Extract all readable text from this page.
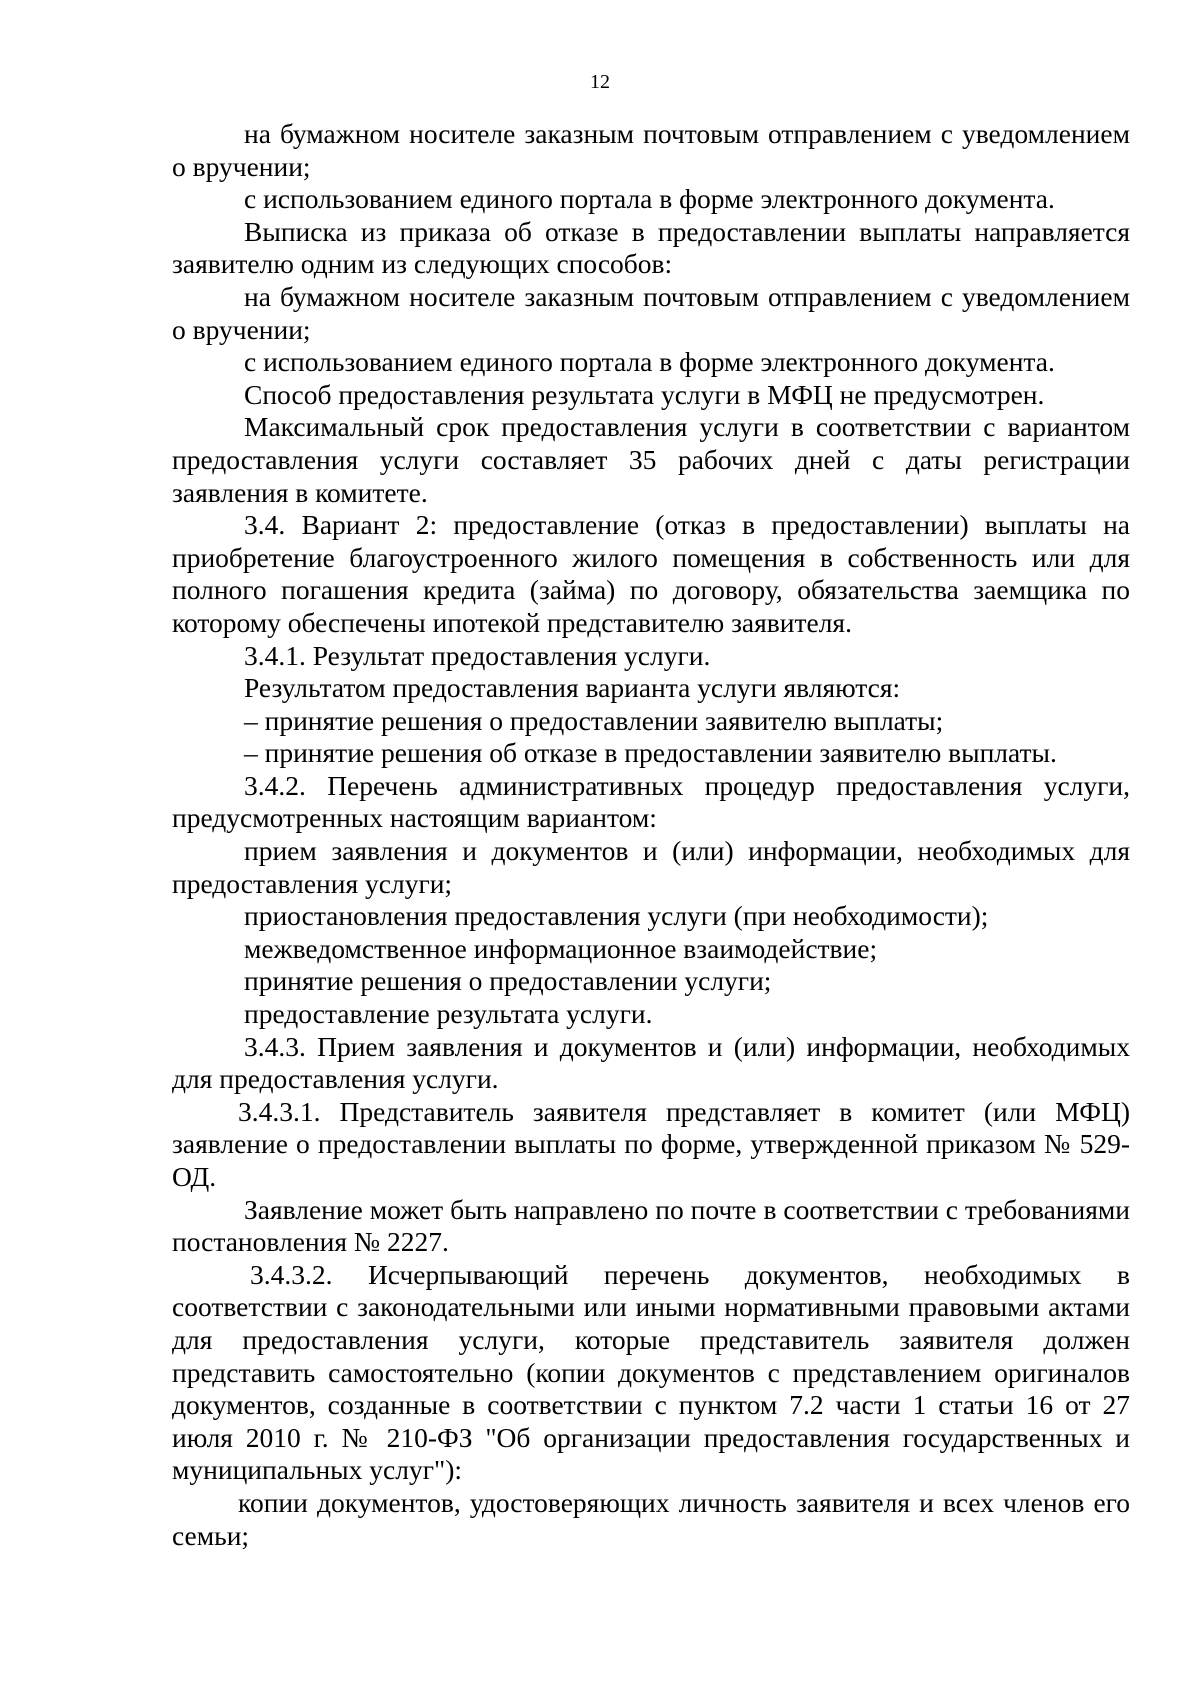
12

на бумажном носителе заказным почтовым отправлением с уведомлением о вручении;

с использованием единого портала в форме электронного документа.

Выписка из приказа об отказе в предоставлении выплаты направляется заявителю одним из следующих способов:

на бумажном носителе заказным почтовым отправлением с уведомлением о вручении;

с использованием единого портала в форме электронного документа.

Способ предоставления результата услуги в МФЦ не предусмотрен.

Максимальный срок предоставления услуги в соответствии с вариантом предоставления услуги составляет 35 рабочих дней с даты регистрации заявления в комитете.

3.4. Вариант 2: предоставление (отказ в предоставлении) выплаты на приобретение благоустроенного жилого помещения в собственность или для полного погашения кредита (займа) по договору, обязательства заемщика по которому обеспечены ипотекой представителю заявителя.

3.4.1. Результат предоставления услуги.

Результатом предоставления варианта услуги являются:

– принятие решения о предоставлении заявителю выплаты;

– принятие решения об отказе в предоставлении заявителю выплаты.

3.4.2. Перечень административных процедур предоставления услуги, предусмотренных настоящим вариантом:

прием заявления и документов и (или) информации, необходимых для предоставления услуги;

приостановления предоставления услуги (при необходимости);

межведомственное информационное взаимодействие;

принятие решения о предоставлении услуги;

предоставление результата услуги.

3.4.3. Прием заявления и документов и (или) информации, необходимых для предоставления услуги.

3.4.3.1. Представитель заявителя представляет в комитет (или МФЦ) заявление о предоставлении выплаты по форме, утвержденной приказом № 529-ОД.

Заявление может быть направлено по почте в соответствии с требованиями постановления № 2227.

3.4.3.2. Исчерпывающий перечень документов, необходимых в соответствии с законодательными или иными нормативными правовыми актами для предоставления услуги, которые представитель заявителя должен представить самостоятельно (копии документов с представлением оригиналов документов, созданные в соответствии с пунктом 7.2 части 1 статьи 16 от 27 июля 2010 г. № 210-ФЗ "Об организации предоставления государственных и муниципальных услуг"):

копии документов, удостоверяющих личность заявителя и всех членов его семьи;
